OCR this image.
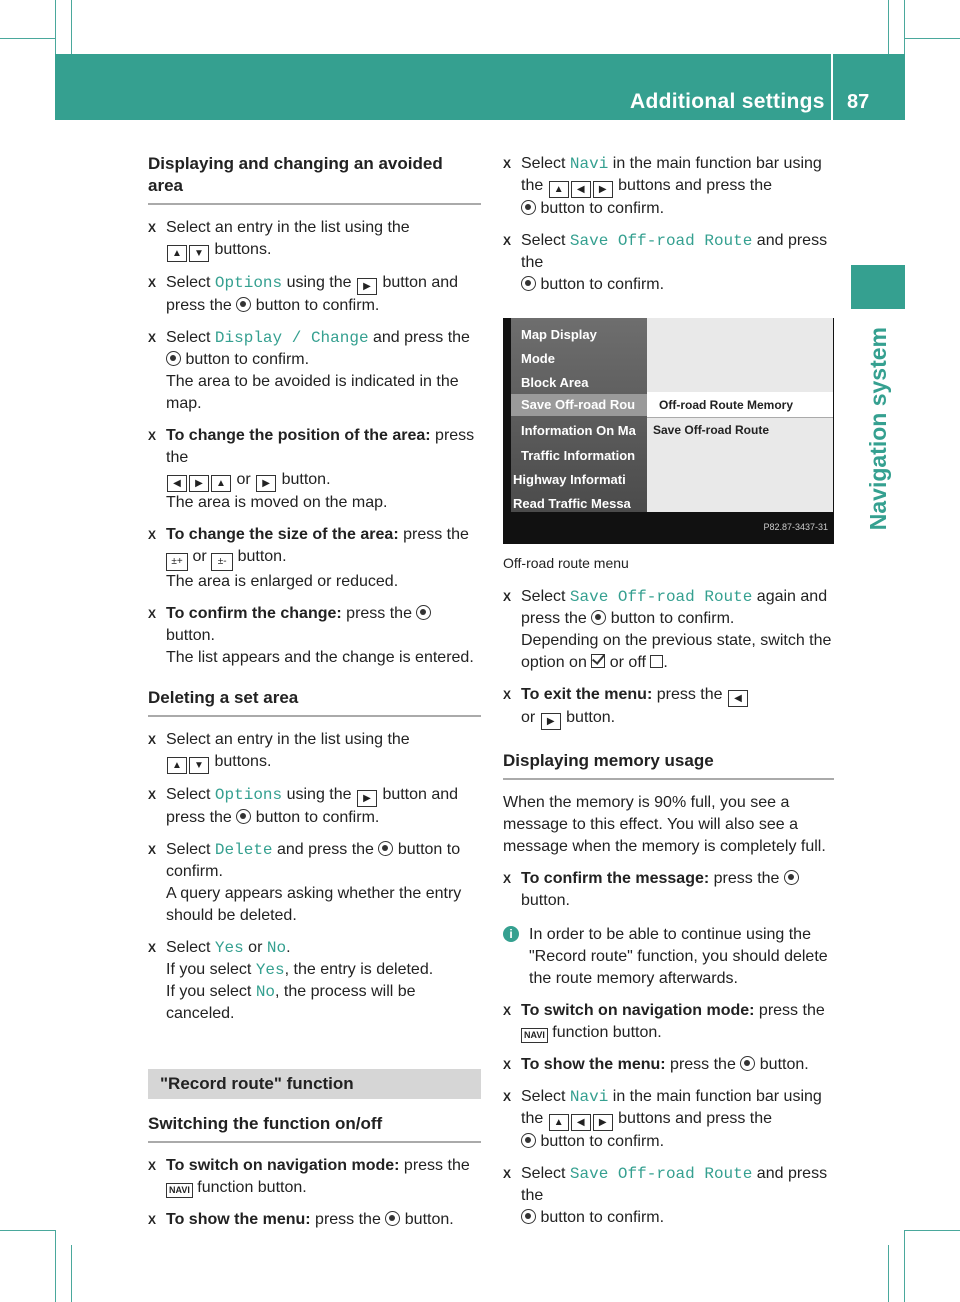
Additional settings 87
Navigation system
Displaying and changing an avoided area
X Select an entry in the list using the
▲ ▼ buttons.
X Select Options using the ▶ button and press the button to confirm.
X Select Display / Change and press the
button to confirm.
The area to be avoided is indicated in the map.
X To change the position of the area: press the
◀ ▶ ▲ or ▶ button.
The area is moved on the map.
X To change the size of the area: press the
±+ or ±- button.
The area is enlarged or reduced.
X To confirm the change: press the
button.
The list appears and the change is entered.
Deleting a set area
X Select an entry in the list using the
▲ ▼ buttons.
X Select Options using the ▶ button and press the button to confirm.
X Select Delete and press the button to confirm.
A query appears asking whether the entry should be deleted.
X Select Yes or No.
If you select Yes, the entry is deleted.
If you select No, the process will be canceled.
"Record route" function
Switching the function on/off
X To switch on navigation mode: press the
NAVI function button.
X To show the menu: press the button.
X Select Navi in the main function bar using the ▲ ◀ ▶ buttons and press the
button to confirm.
X Select Save Off-road Route and press the
button to confirm.
Map Display
Mode
Block Area
Save Off-road Rou
Information On Ma
Traffic Information
Highway Informati
Read Traffic Messa
Off-road Route Memory
Save Off-road Route
P82.87-3437-31
Off-road route menu
X Select Save Off-road Route again and press the button to confirm.
Depending on the previous state, switch the option on or off .
X To exit the menu: press the ◀
or ▶ button.
Displaying memory usage
When the memory is 90% full, you see a message to this effect. You will also see a message when the memory is completely full.
X To confirm the message: press the
button.
i	In order to be able to continue using the "Record route" function, you should delete the route memory afterwards.
X To switch on navigation mode: press the
NAVI function button.
X To show the menu: press the button.
X Select Navi in the main function bar using the ▲ ◀ ▶ buttons and press the
button to confirm.
X Select Save Off-road Route and press the
button to confirm.
